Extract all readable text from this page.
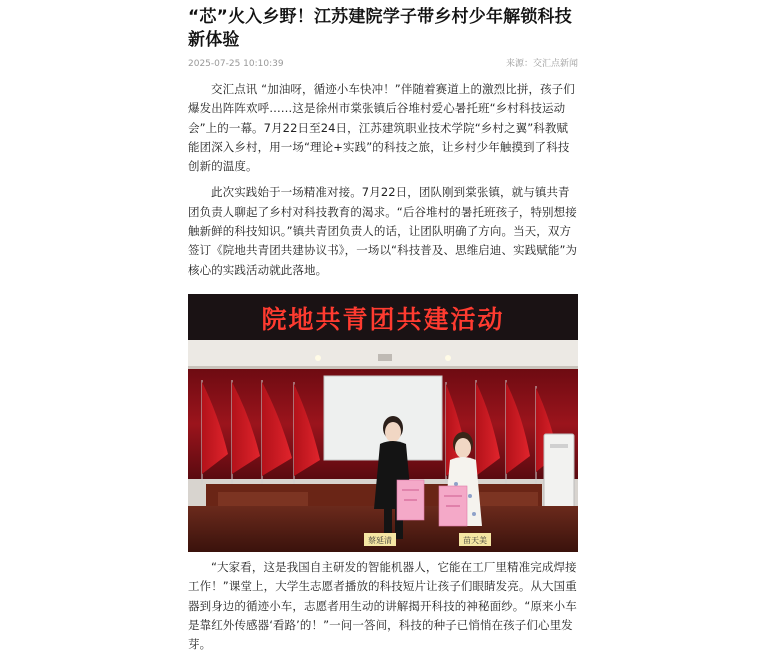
“芯”火入乡野！江苏建院学子带乡村少年解锁科技新体验
2025-07-25 10:10:39	来源：交汇点新闻

交汇点讯 “加油呀，循迹小车快冲！”伴随着赛道上的激烈比拼，孩子们爆发出阵阵欢呼……这是徐州市棠张镇后谷堆村爱心暑托班“乡村科技运动会”上的一幕。7月22日至24日，江苏建筑职业技术学院“乡村之翼”科教赋能团深入乡村，用一场“理论+实践”的科技之旅，让乡村少年触摸到了科技创新的温度。

此次实践始于一场精准对接。7月22日，团队刚到棠张镇，就与镇共青团负责人聊起了乡村对科技教育的渴求。“后谷堆村的暑托班孩子，特别想接触新鲜的科技知识。”镇共青团负责人的话，让团队明确了方向。当天，双方签订《院地共青团共建协议书》，一场以“科技普及、思维启迪、实践赋能”为核心的实践活动就此落地。

院地共青团共建活动
蔡延清	苗天美

“大家看，这是我国自主研发的智能机器人，它能在工厂里精准完成焊接工作！”课堂上，大学生志愿者播放的科技短片让孩子们眼睛发亮。从大国重器到身边的循迹小车，志愿者用生动的讲解揭开科技的神秘面纱。“原来小车是靠红外传感器‘看路’的！”一问一答间，科技的种子已悄悄在孩子们心里发芽。
